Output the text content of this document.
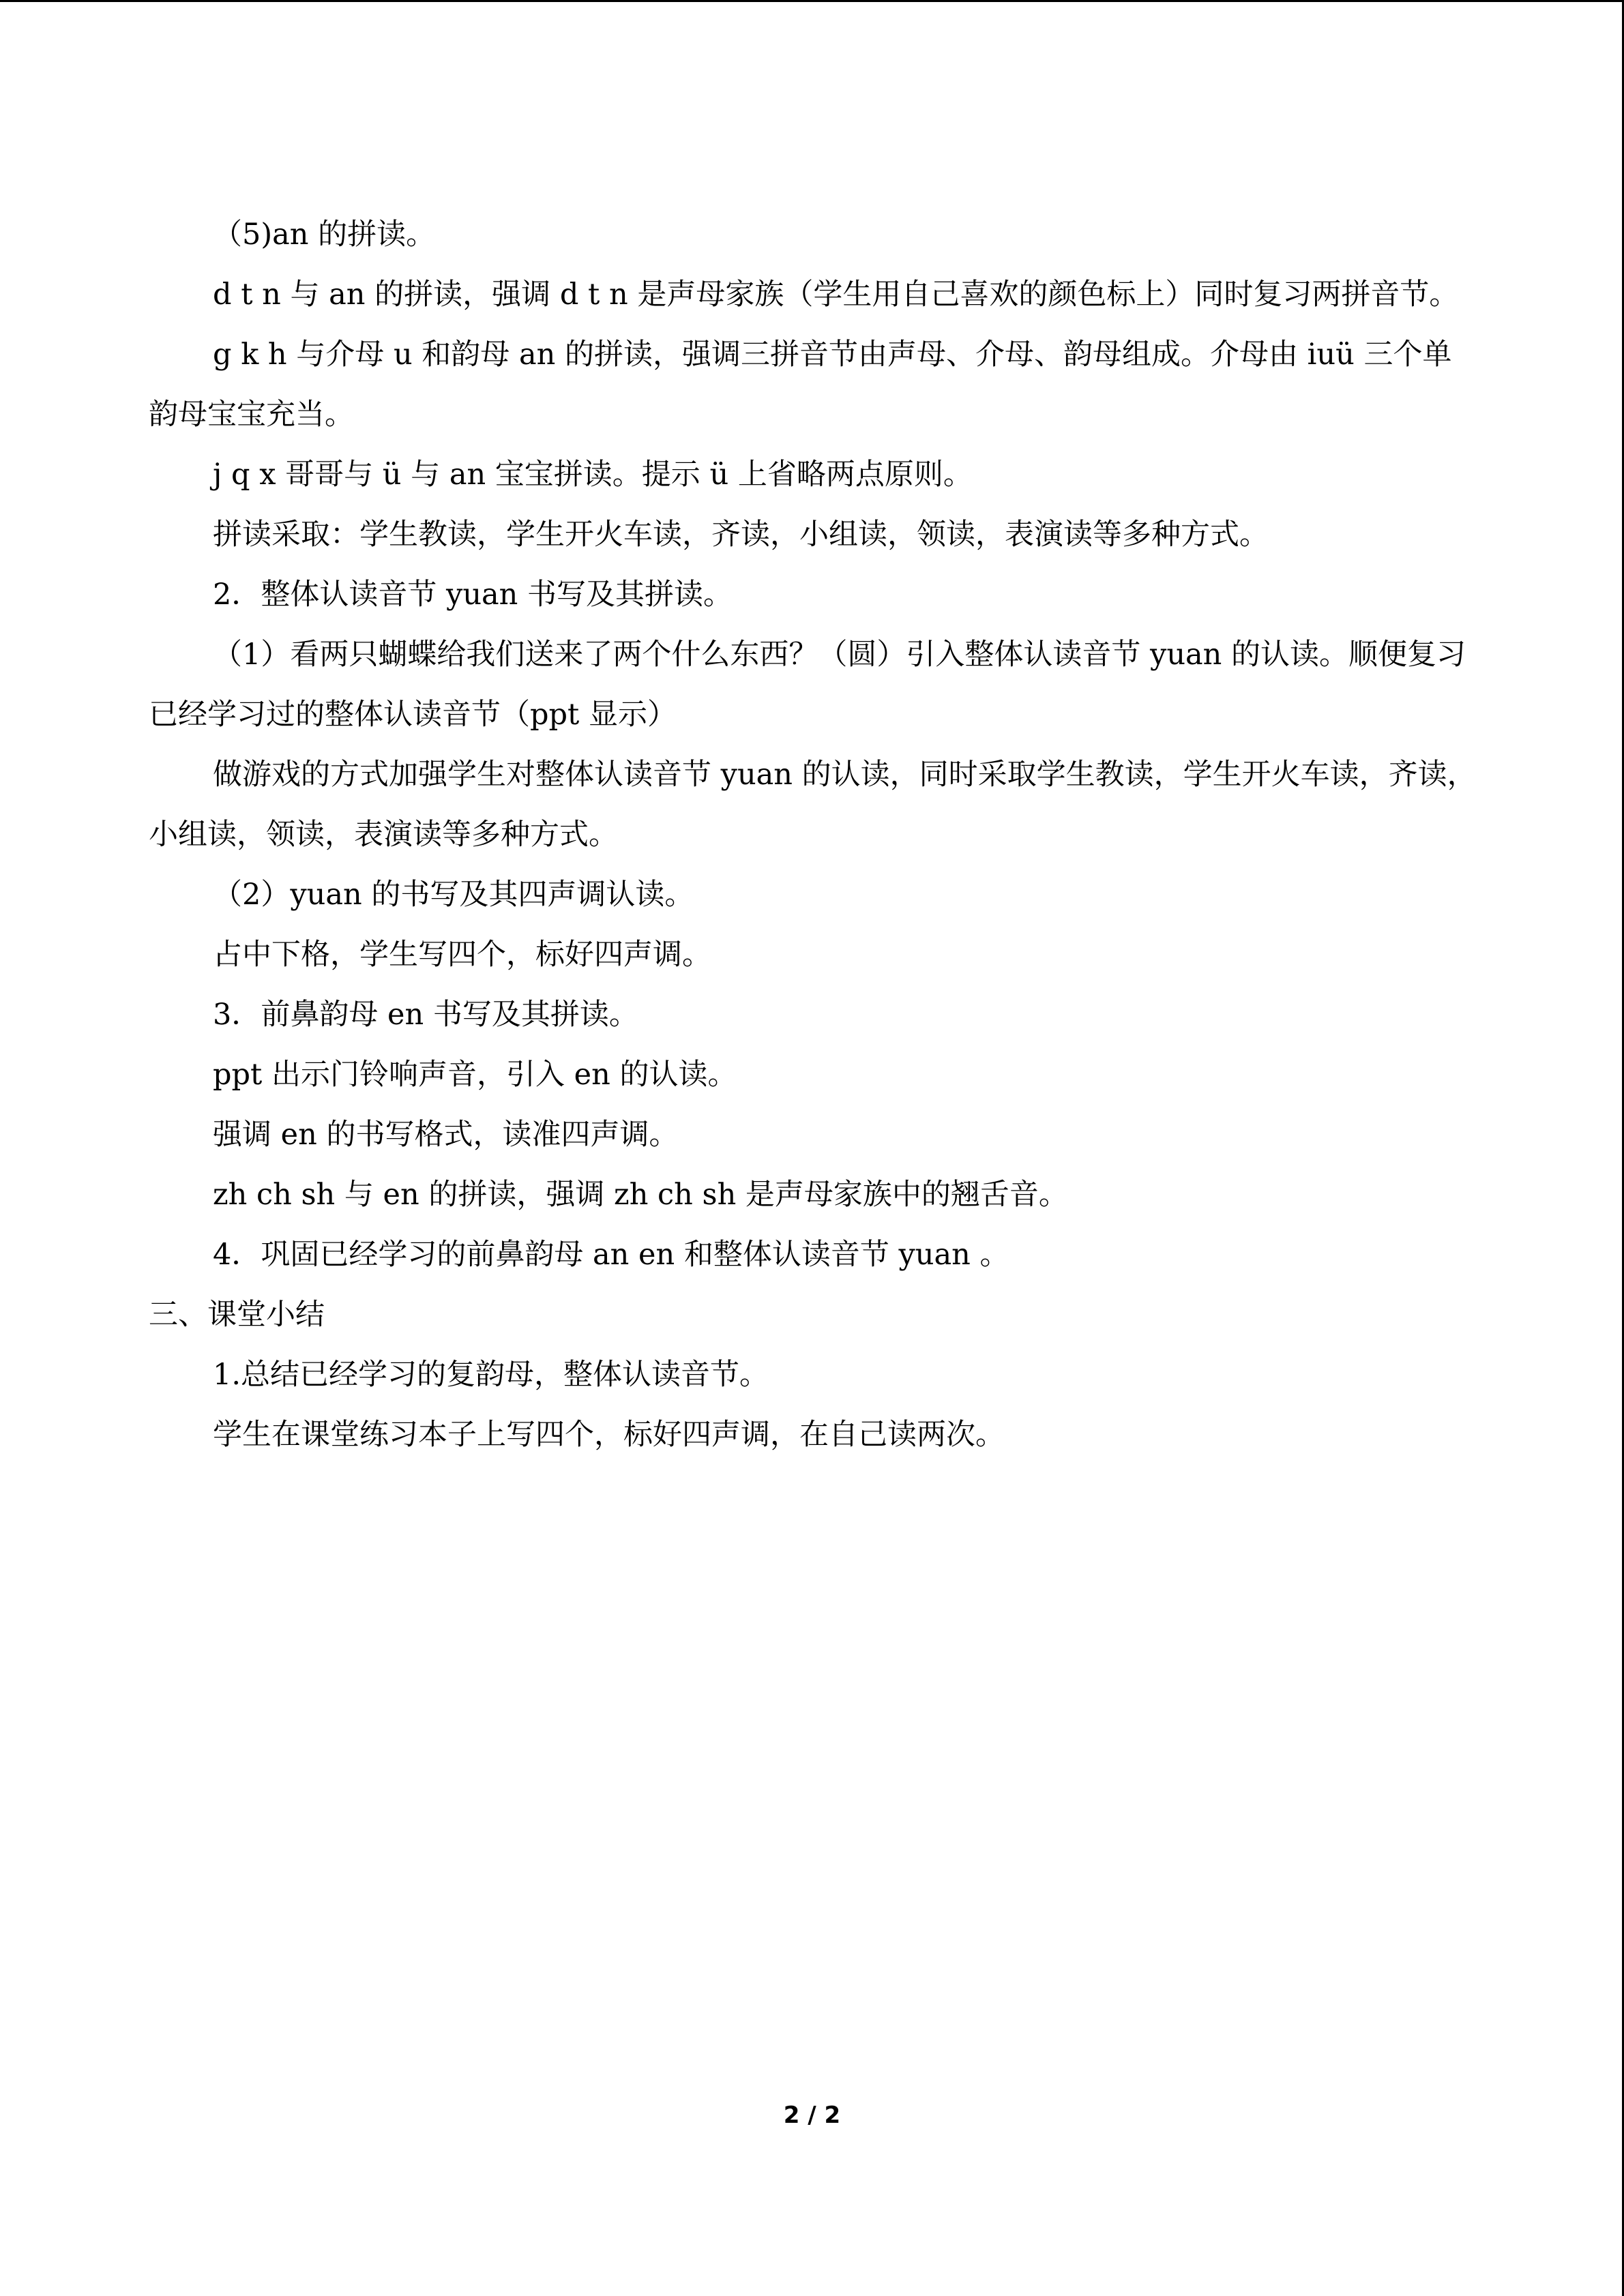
（5)an 的拼读。

d t n 与 an 的拼读，强调 d t n 是声母家族（学生用自己喜欢的颜色标上）同时复习两拼音节。

g k h 与介母 u 和韵母 an 的拼读，强调三拼音节由声母、介母、韵母组成。介母由 iuü 三个单韵母宝宝充当。

j q x 哥哥与 ü 与 an 宝宝拼读。提示 ü 上省略两点原则。

拼读采取：学生教读，学生开火车读，齐读，小组读，领读，表演读等多种方式。

2．整体认读音节 yuan 书写及其拼读。

（1）看两只蝴蝶给我们送来了两个什么东西？（圆）引入整体认读音节 yuan 的认读。顺便复习已经学习过的整体认读音节（ppt 显示）

做游戏的方式加强学生对整体认读音节 yuan 的认读，同时采取学生教读，学生开火车读，齐读，小组读，领读，表演读等多种方式。

（2）yuan 的书写及其四声调认读。

占中下格，学生写四个，标好四声调。

3．前鼻韵母 en 书写及其拼读。

ppt 出示门铃响声音，引入 en 的认读。

强调 en 的书写格式，读准四声调。

zh ch sh 与 en 的拼读，强调 zh ch sh 是声母家族中的翘舌音。

4．巩固已经学习的前鼻韵母 an en 和整体认读音节 yuan 。

三、课堂小结

1.总结已经学习的复韵母，整体认读音节。

学生在课堂练习本子上写四个，标好四声调，在自己读两次。

2 / 2
